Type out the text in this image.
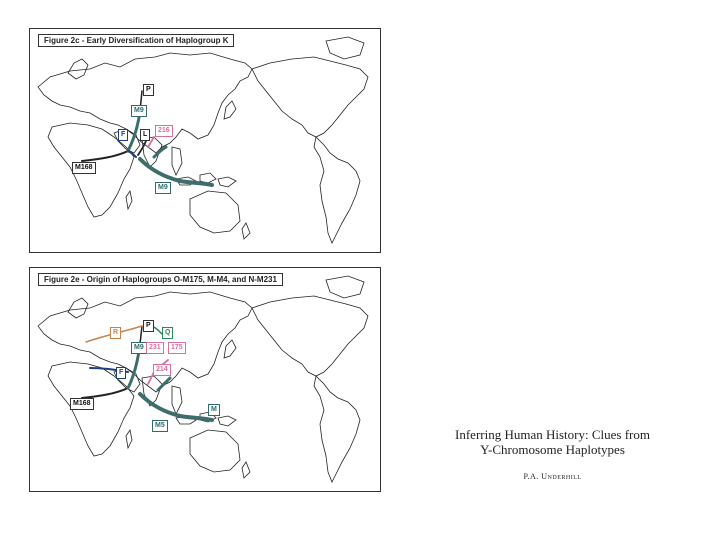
Figure 2c - Early Diversification of Haplogroup K
P
M9
F	L
216
M168
M9
Figure 2e - Origin of Haplogroups O-M175, M-M4, and N-M231
R
P
Q
M9 231	175
214
F
M168
M
M5
Inferring Human History: Clues from
Y-Chromosome Haplotypes
P.A. Underhill
